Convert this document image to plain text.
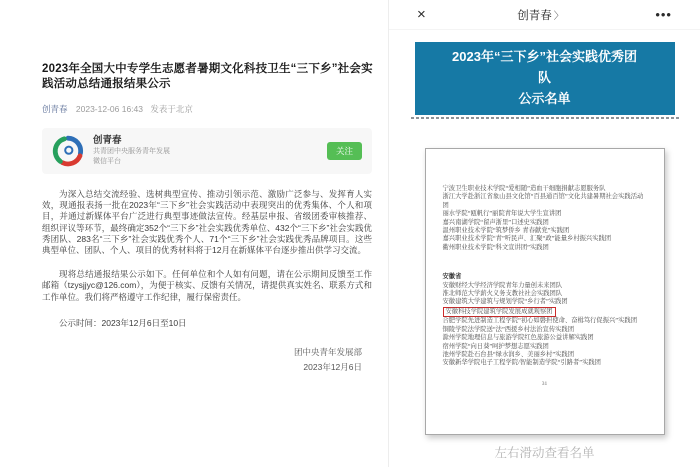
2023年全国大中专学生志愿者暑期文化科技卫生“三下乡”社会实践活动总结通报结果公示
创青春 2023-12-06 16:43 发表于北京
创青春
共青团中央服务青年发展
微信平台
关注

为深入总结交流经验、选树典型宣传、推动引领示范、激励广泛参与、发挥育人实效，现通报表扬一批在2023年“三下乡”社会实践活动中表现突出的优秀集体、个人和项目，并通过新媒体平台广泛进行典型事迹做法宣传。经基层申报、省级团委审核推荐、组织评议等环节，最终确定352个“三下乡”社会实践优秀单位、432个“三下乡”社会实践优秀团队、283名“三下乡”社会实践优秀个人、71个“三下乡”社会实践优秀品牌项目。这些典型单位、团队、个人、项目的优秀材料将于12月在新媒体平台逐步推出供学习交流。

现将总结通报结果公示如下。任何单位和个人如有问题，请在公示期间反馈至工作邮箱（tzysjjyc@126.com），为便于核实、反馈有关情况，请提供真实姓名、联系方式和工作单位。我们将严格遵守工作纪律，履行保密责任。

公示时间：2023年12月6日至10日

团中央青年发展部
2023年12月6日
×	创青春 〉	•••
2023年“三下乡”社会实践优秀团
队
公示名单
宁波卫生职业技术学院“爱相随”造血干细胞捐献志愿服务队
浙江大学赴浙江省象山县文化馆“百县通百馆”文化共建暑期社会实践活动团
丽水学院“瓯帆行”丽院青年说大学生宣讲团
嘉兴南湖学院“留声浙里”口述史实践团
温州职业技术学院“筑梦侨乡 青春献党”实践团
嘉兴职业技术学院“青”听民声、汇聚“政”能量乡村振兴实践团
衢州职业技术学院“科文宣讲团”实践团
安徽省
安徽财经大学经济学院青年力量创未来团队
淮北师范大学薪火义务支教社社会实践团队
安徽建筑大学建筑与规划学院“乡行者”实践团
安徽科技学院建筑学院发展成就观察团
合肥学院先进制造工程学院“初心如磐担使命、奋楫笃行促振兴”实践团
铜陵学院法学院送“法”西援乡村法治宣传实践团
滁州学院地理信息与旅游学院红色旅游公益讲解实践团
宿州学院“向日葵”呵护梦想志愿实践团
池州学院赴石台县“绿水润乡、美丽乡村”实践团
安徽新华学院电子工程学院/智能制造学院“引路者”实践团
31
左右滑动查看名单
